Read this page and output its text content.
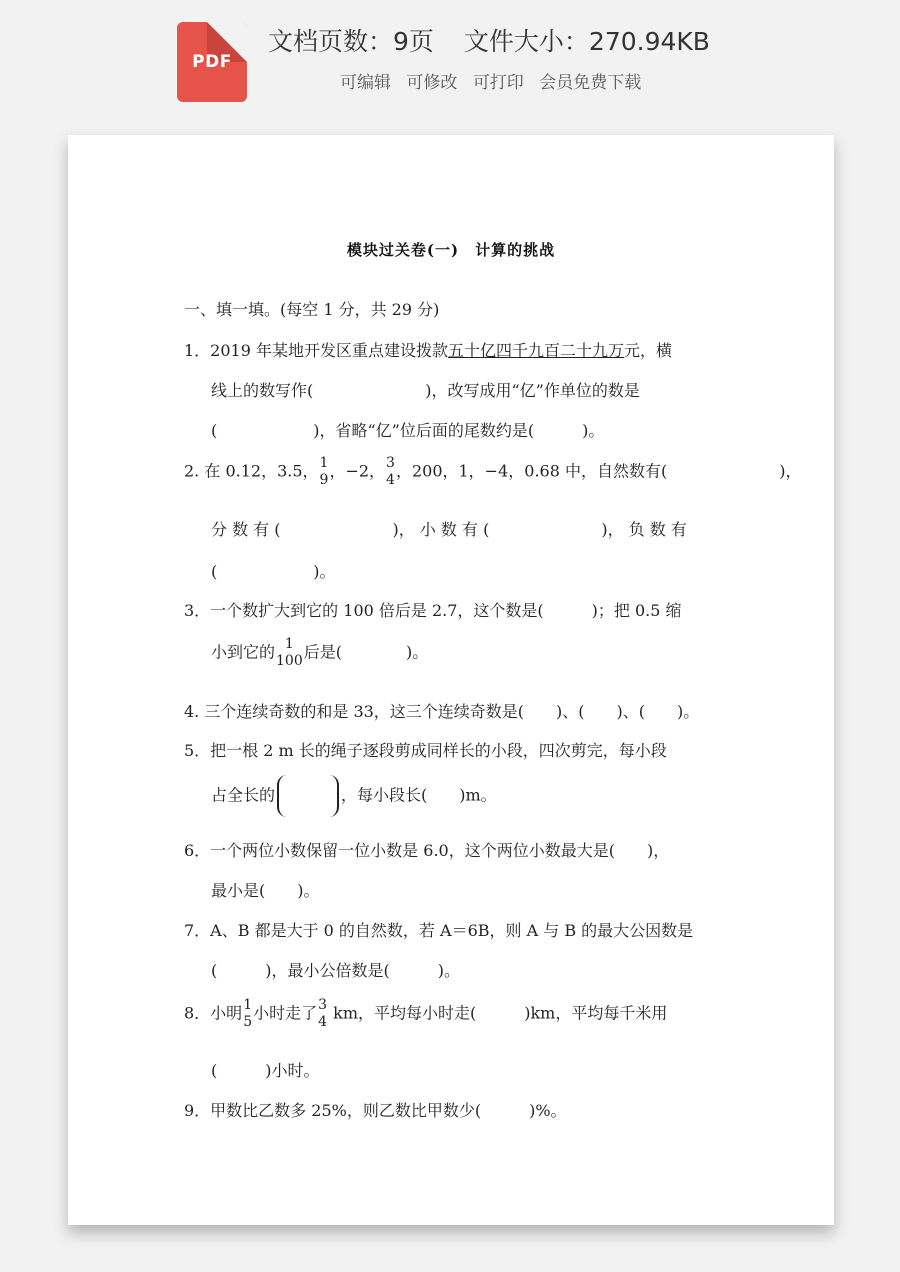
PDF
文档页数：9页 文件大小：270.94KB
可编辑 可修改 可打印 会员免费下载
模块过关卷(一)　计算的挑战
一、填一填。(每空 1 分，共 29 分)
1．2019 年某地开发区重点建设拨款五十亿四千九百二十九万元，横
线上的数写作(　　　　　　　)，改写成用“亿”作单位的数是
(　　　　　　)，省略“亿”位后面的尾数约是(　　　)。
2. 在 0.12，3.5， 1
9 ，−2， 3
4 ，200，1，−4，0.68 中，自然数有(　　　　　　　)，
分 数 有 (　　　　　　　)， 小 数 有 (　　　　　　　)， 负 数 有
(　　　　　　)。
3．一个数扩大到它的 100 倍后是 2.7，这个数是(　　　)；把 0.5 缩
小到它的 1
100 后是(　　　　)。
4. 三个连续奇数的和是 33，这三个连续奇数是(　　)、(　　)、(　　)。
5．把一根 2 m 长的绳子逐段剪成同样长的小段，四次剪完，每小段
占全长的	，每小段长(　　)m。
6．一个两位小数保留一位小数是 6.0，这个两位小数最大是(　　)，
最小是(　　)。
7．A、B 都是大于 0 的自然数，若 A＝6B，则 A 与 B 的最大公因数是
(　　　)，最小公倍数是(　　　)。
8．小明 1
5 小时走了 3
4 km，平均每小时走(　　　)km，平均每千米用
(　　　)小时。
9．甲数比乙数多 25%，则乙数比甲数少(　　　)%。
